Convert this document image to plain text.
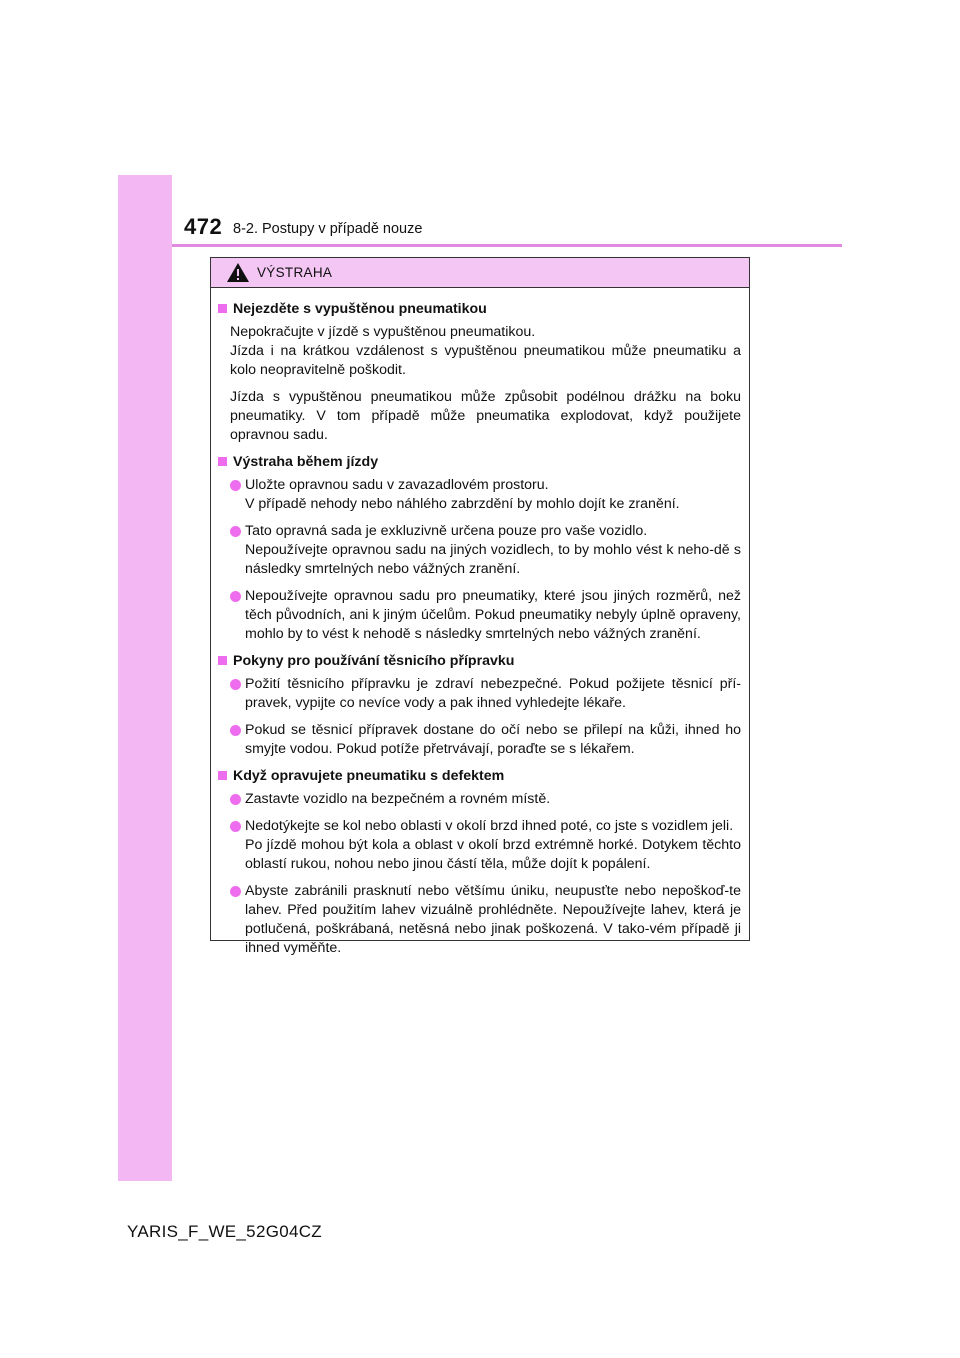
472 8-2. Postupy v případě nouze
VÝSTRAHA
Nejezděte s vypuštěnou pneumatikou
Nepokračujte v jízdě s vypuštěnou pneumatikou.
Jízda i na krátkou vzdálenost s vypuštěnou pneumatikou může pneumatiku a kolo neopravitelně poškodit.
Jízda s vypuštěnou pneumatikou může způsobit podélnou drážku na boku pneumatiky. V tom případě může pneumatika explodovat, když použijete opravnou sadu.
Výstraha během jízdy
Uložte opravnou sadu v zavazadlovém prostoru.
V případě nehody nebo náhlého zabrzdění by mohlo dojít ke zranění.
Tato opravná sada je exkluzivně určena pouze pro vaše vozidlo.
Nepoužívejte opravnou sadu na jiných vozidlech, to by mohlo vést k neho-dě s následky smrtelných nebo vážných zranění.
Nepoužívejte opravnou sadu pro pneumatiky, které jsou jiných rozměrů, než těch původních, ani k jiným účelům. Pokud pneumatiky nebyly úplně opraveny, mohlo by to vést k nehodě s následky smrtelných nebo vážných zranění.
Pokyny pro používání těsnicího přípravku
Požití těsnicího přípravku je zdraví nebezpečné. Pokud požijete těsnicí pří-pravek, vypijte co nevíce vody a pak ihned vyhledejte lékaře.
Pokud se těsnicí přípravek dostane do očí nebo se přilepí na kůži, ihned ho smyjte vodou. Pokud potíže přetrvávají, poraďte se s lékařem.
Když opravujete pneumatiku s defektem
Zastavte vozidlo na bezpečném a rovném místě.
Nedotýkejte se kol nebo oblasti v okolí brzd ihned poté, co jste s vozidlem jeli.
Po jízdě mohou být kola a oblast v okolí brzd extrémně horké. Dotykem těchto oblastí rukou, nohou nebo jinou částí těla, může dojít k popálení.
Abyste zabránili prasknutí nebo většímu úniku, neupusťte nebo nepoškoď-te lahev. Před použitím lahev vizuálně prohlédněte. Nepoužívejte lahev, která je potlučená, poškrábaná, netěsná nebo jinak poškozená. V tako-vém případě ji ihned vyměňte.
YARIS_F_WE_52G04CZ
